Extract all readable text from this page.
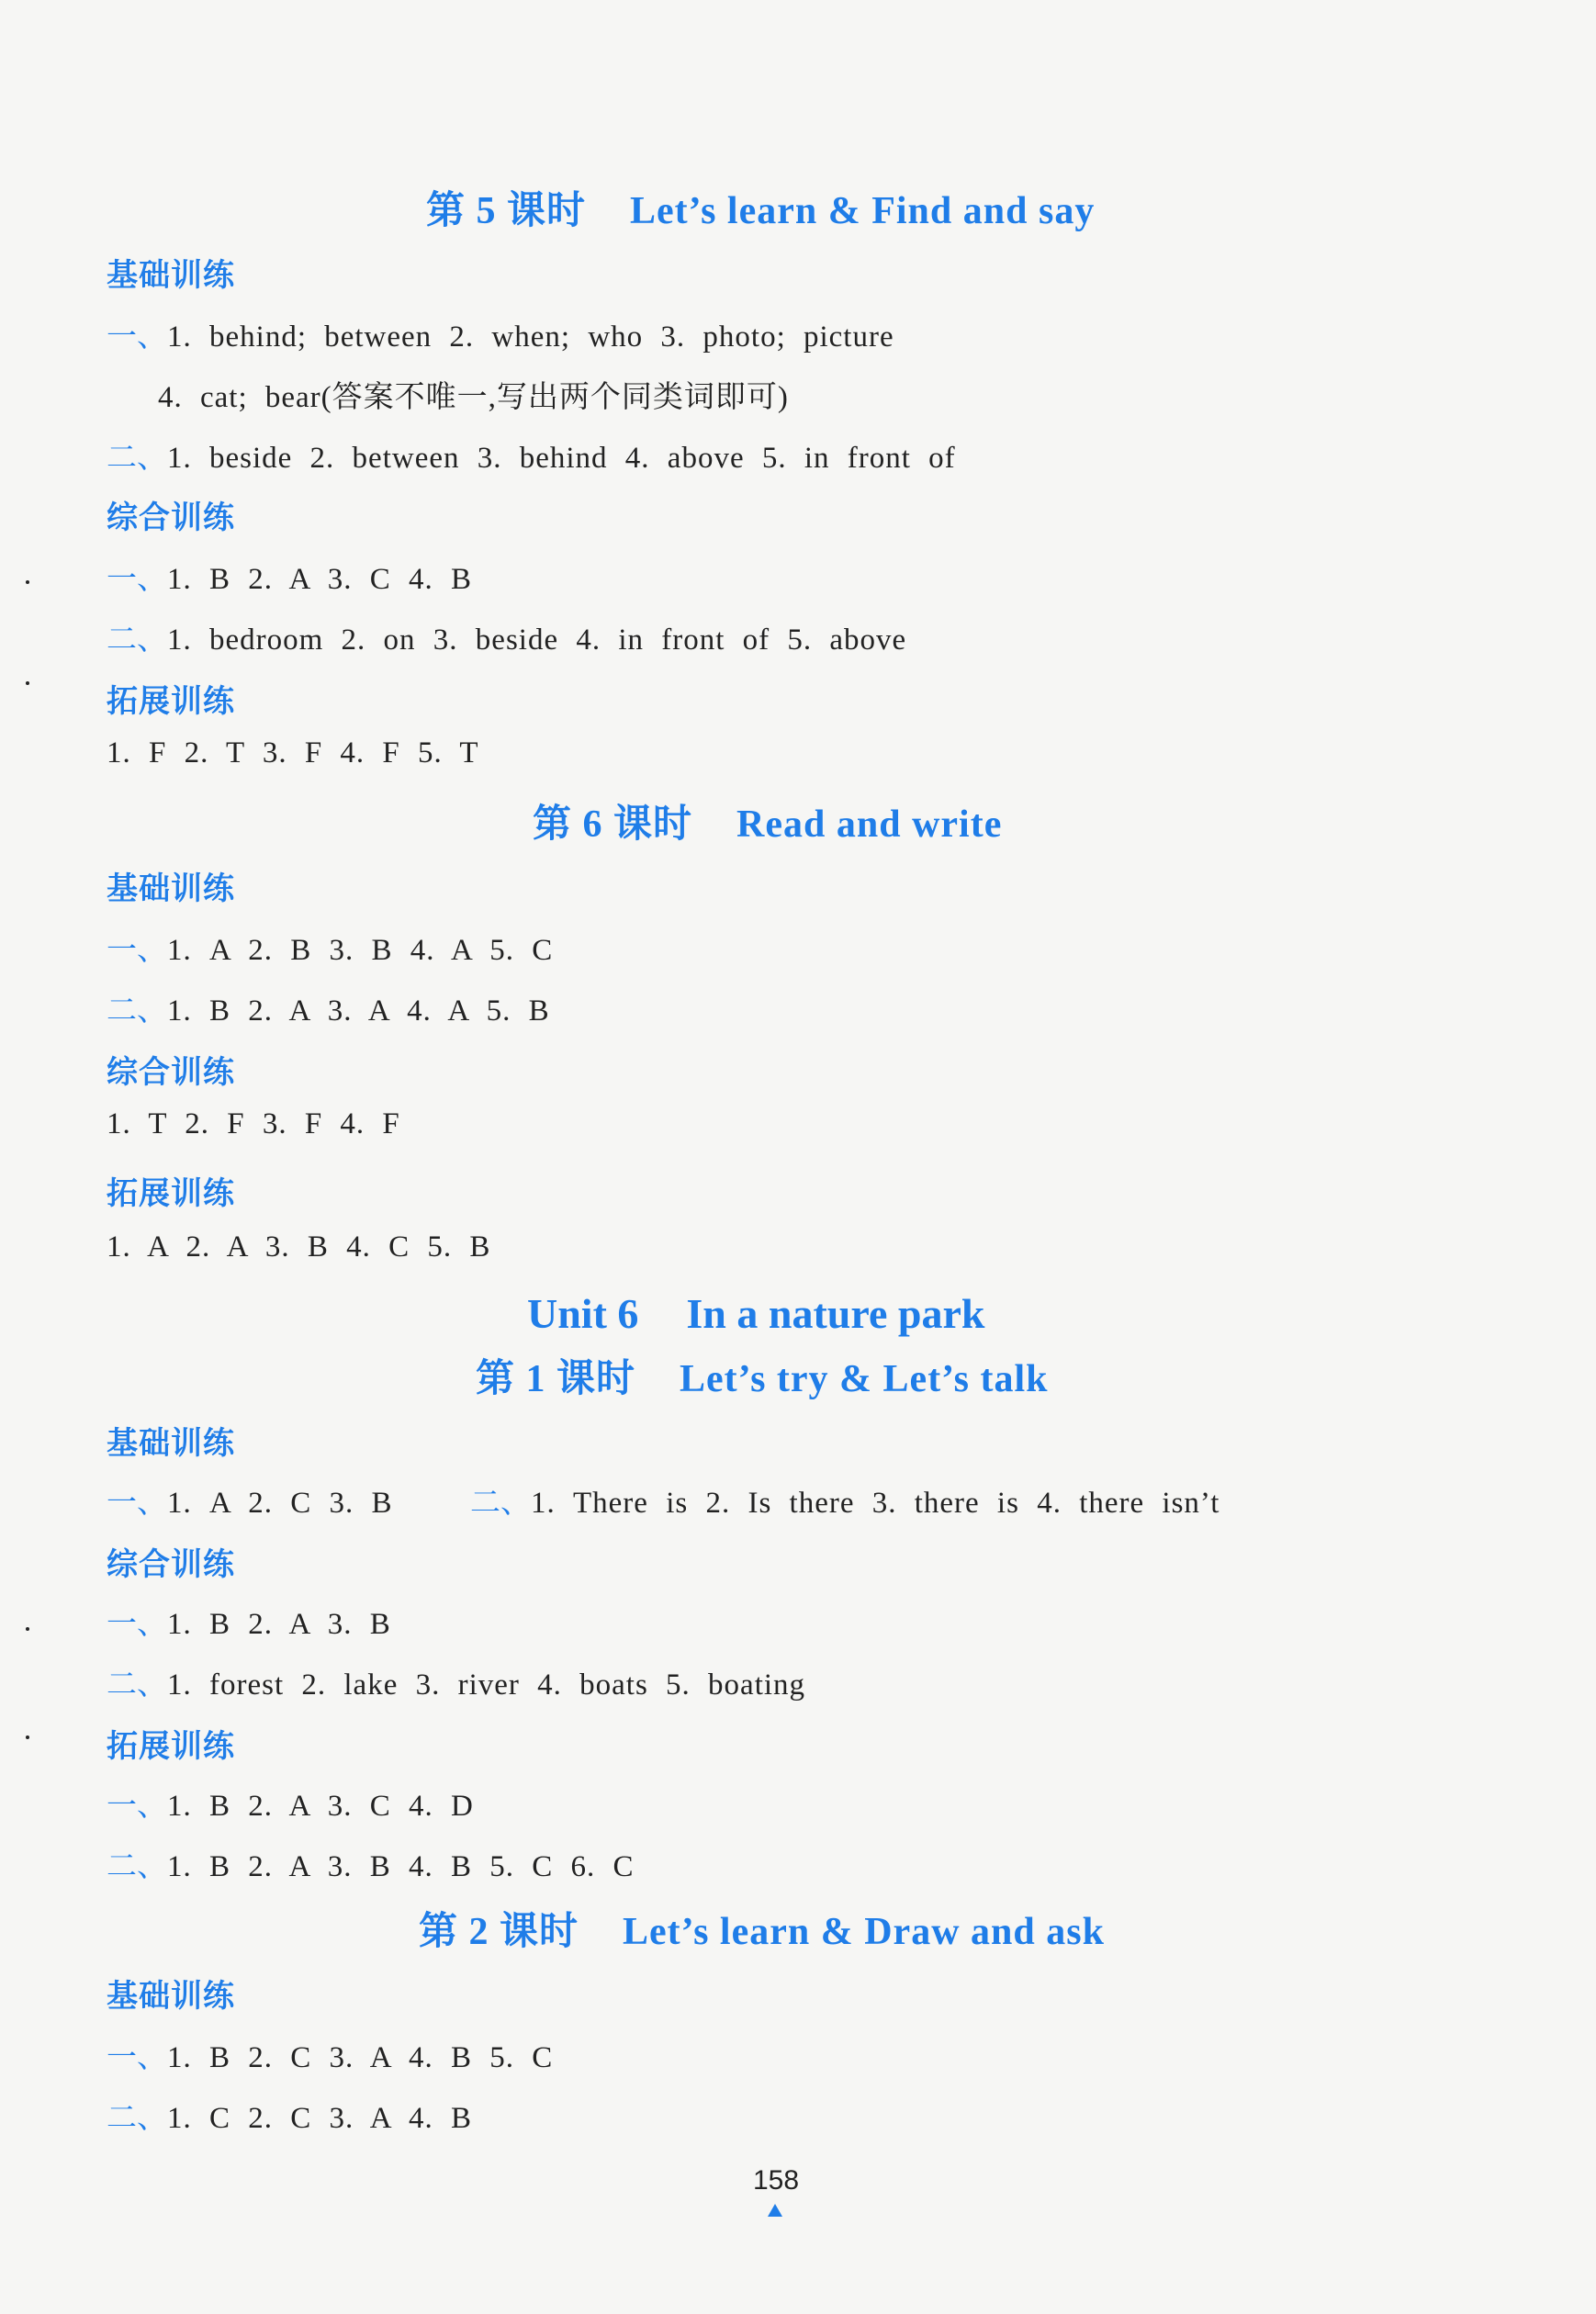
第 5 课时 Let’s learn & Find and say
基础训练
一、1. behind; between 2. when; who 3. photo; picture
4. cat; bear(答案不唯一,写出两个同类词即可)
二、1. beside 2. between 3. behind 4. above 5. in front of
综合训练
一、1. B 2. A 3. C 4. B
二、1. bedroom 2. on 3. beside 4. in front of 5. above
拓展训练
1. F 2. T 3. F 4. F 5. T
第 6 课时 Read and write
基础训练
一、1. A 2. B 3. B 4. A 5. C
二、1. B 2. A 3. A 4. A 5. B
综合训练
1. T 2. F 3. F 4. F
拓展训练
1. A 2. A 3. B 4. C 5. B
Unit 6 In a nature park
第 1 课时 Let’s try & Let’s talk
基础训练
一、1. A 2. C 3. B	二、1. There is 2. Is there 3. there is 4. there isn’t
综合训练
一、1. B 2. A 3. B
二、1. forest 2. lake 3. river 4. boats 5. boating
拓展训练
一、1. B 2. A 3. C 4. D
二、1. B 2. A 3. B 4. B 5. C 6. C
第 2 课时 Let’s learn & Draw and ask
基础训练
一、1. B 2. C 3. A 4. B 5. C
二、1. C 2. C 3. A 4. B
158
